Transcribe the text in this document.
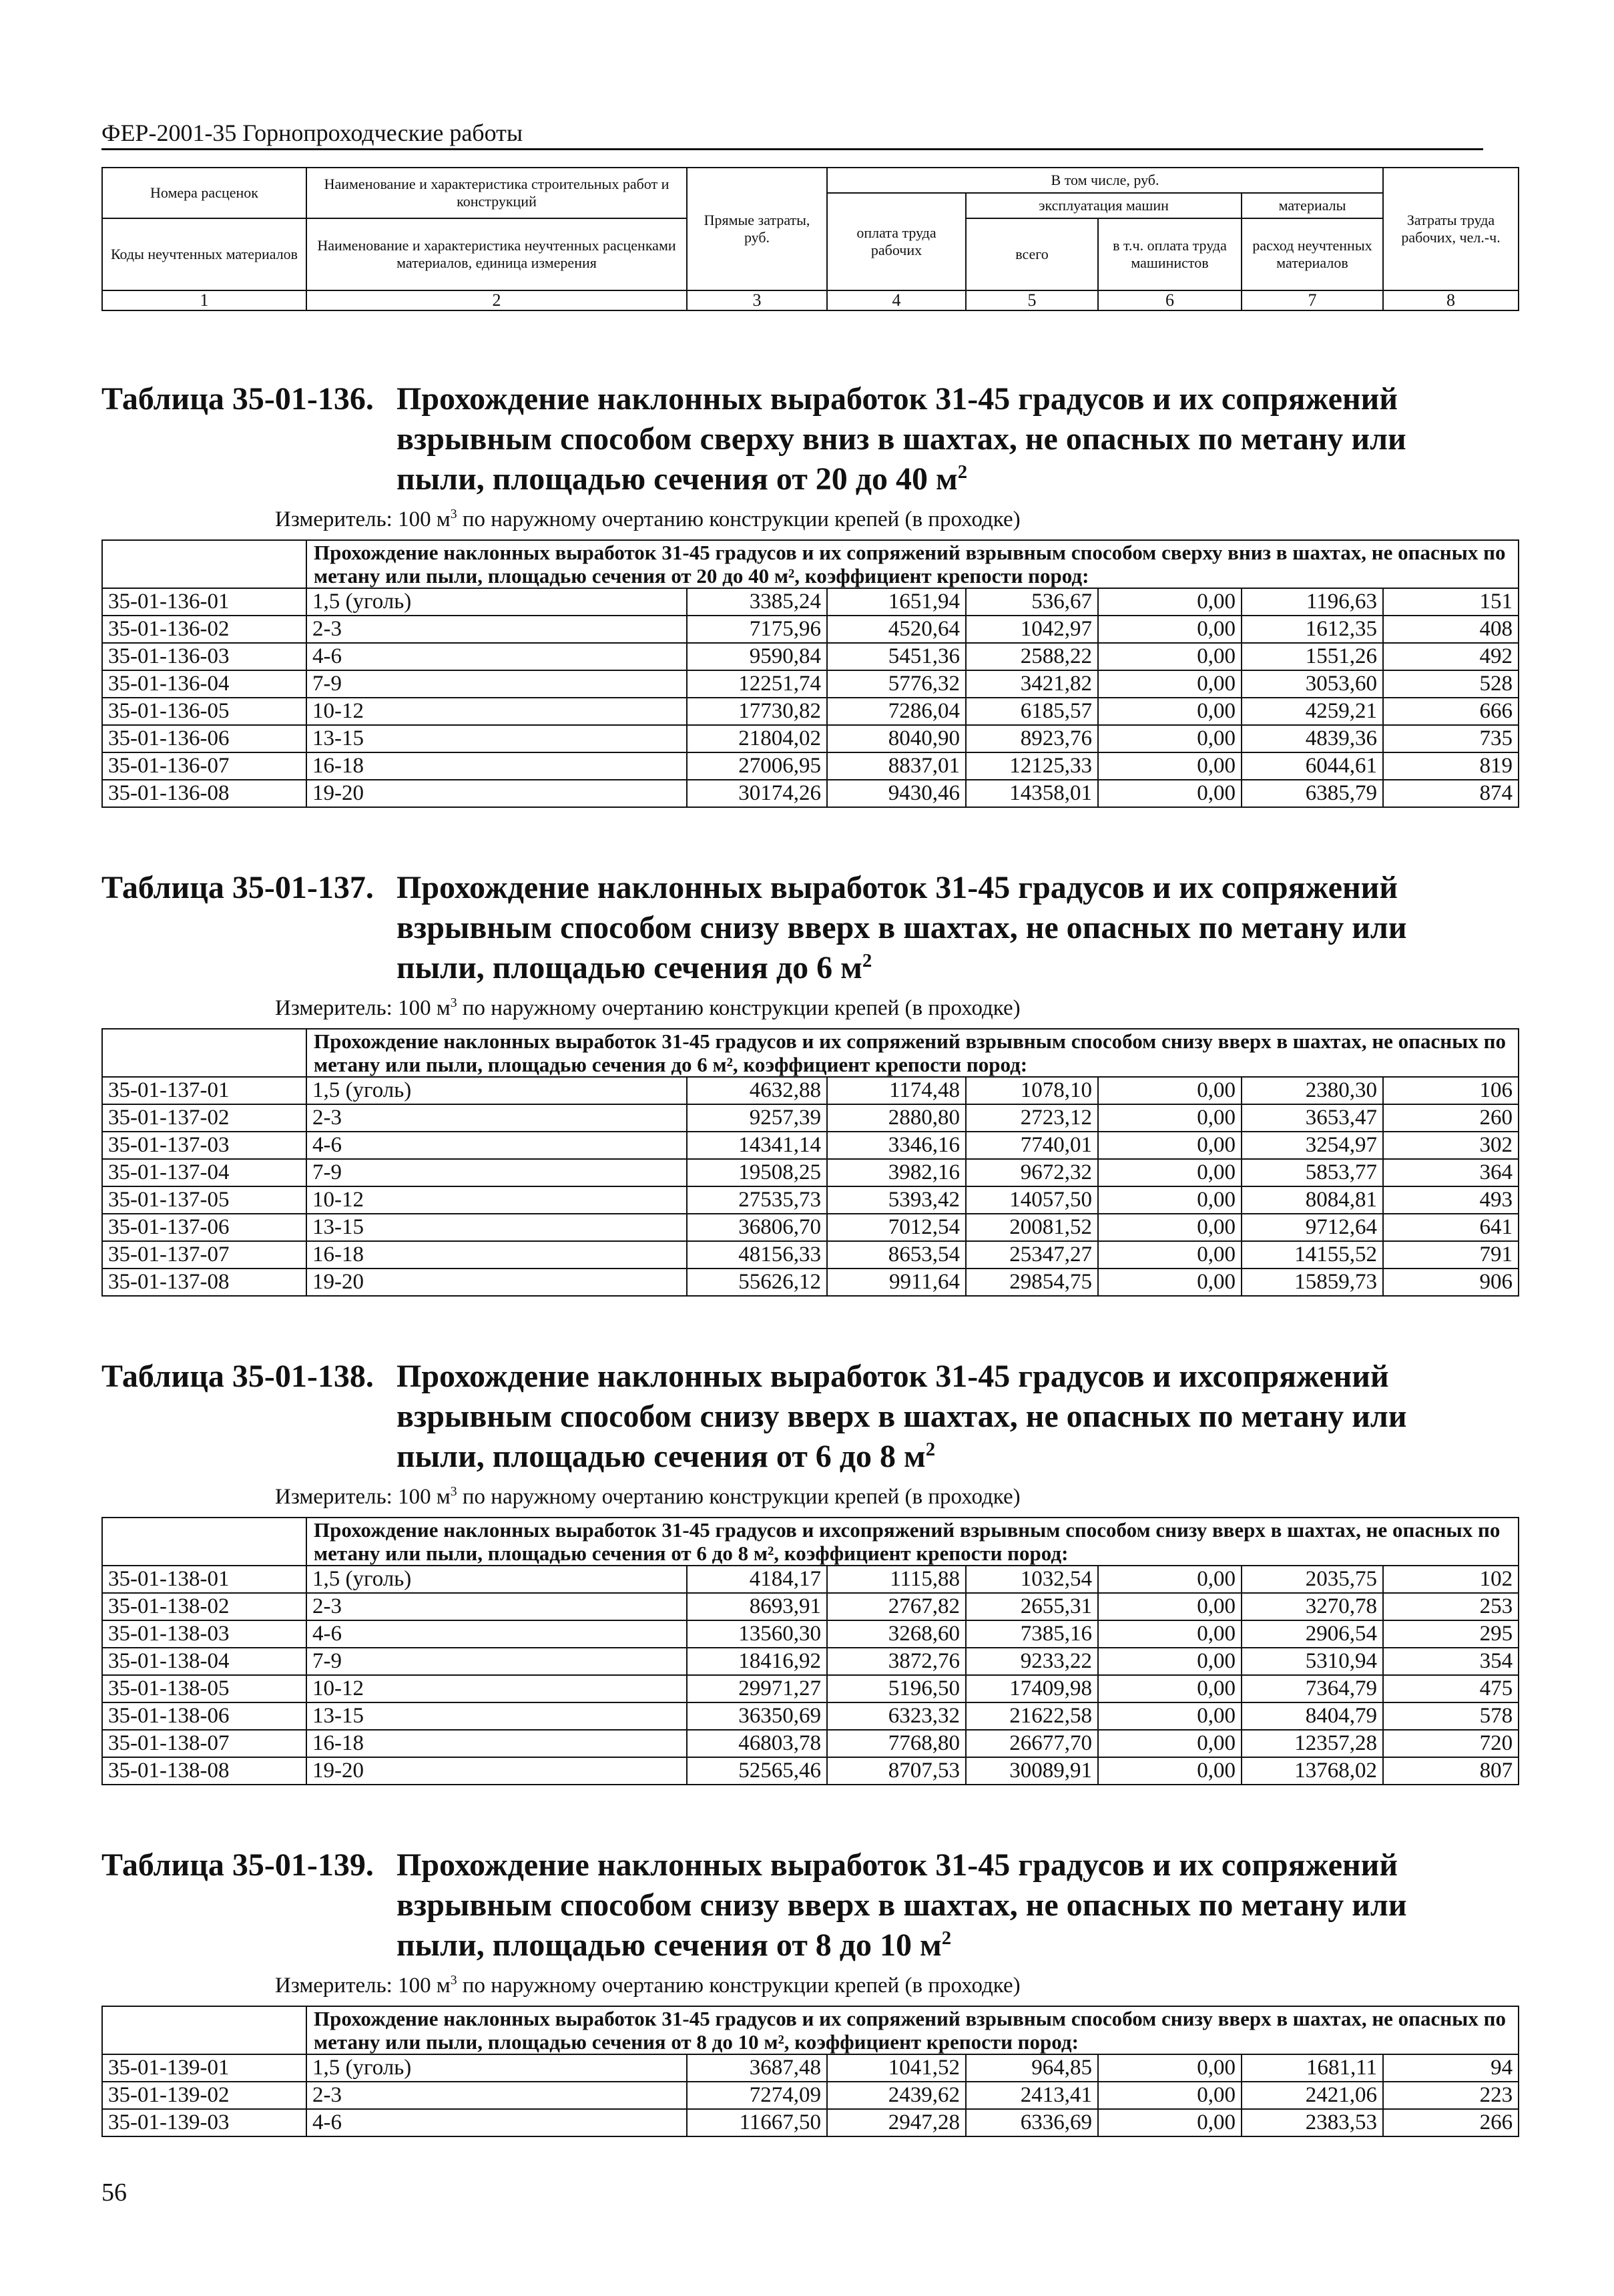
ФЕР-2001-35 Горнопроходческие работы
Номера расценок	Наименование и характеристика строительных работ и конструкций	Прямые затраты, руб.	В том числе, руб.				Затраты труда рабочих, чел.-ч.
			оплата труда рабочих	эксплуатация машин		материалы	
Коды неучтенных материалов	Наименование и характеристика неучтенных расценками материалов, единица измерения			всего	в т.ч. оплата труда машинистов	расход неучтенных материалов	

1	2	3	4	5	6	7	8
Таблица 35-01-136. Прохождение наклонных выработок 31-45 градусов и их сопряжений взрывным способом сверху вниз в шахтах, не опасных по метану или пыли, площадью сечения от 20 до 40 $м^2$
Измеритель: 100 $м^3$ по наружному очертанию конструкции крепей (в проходке)
	Прохождение наклонных выработок 31-45 градусов и их сопряжений взрывным способом сверху вниз в шахтах, не опасных по метану или пыли, площадью сечения от 20 до 40 м², коэффициент крепости пород:						
35-01-136-01	1,5 (уголь)	3385,24	1651,94	536,67	0,00	1196,63	151
35-01-136-02	2-3	7175,96	4520,64	1042,97	0,00	1612,35	408
35-01-136-03	4-6	9590,84	5451,36	2588,22	0,00	1551,26	492
35-01-136-04	7-9	12251,74	5776,32	3421,82	0,00	3053,60	528
35-01-136-05	10-12	17730,82	7286,04	6185,57	0,00	4259,21	666
35-01-136-06	13-15	21804,02	8040,90	8923,76	0,00	4839,36	735
35-01-136-07	16-18	27006,95	8837,01	12125,33	0,00	6044,61	819
35-01-136-08	19-20	30174,26	9430,46	14358,01	0,00	6385,79	874
Таблица 35-01-137. Прохождение наклонных выработок 31-45 градусов и их сопряжений взрывным способом снизу вверх в шахтах, не опасных по метану или пыли, площадью сечения до 6 $м^2$
Измеритель: 100 $м^3$ по наружному очертанию конструкции крепей (в проходке)
	Прохождение наклонных выработок 31-45 градусов и их сопряжений взрывным способом снизу вверх в шахтах, не опасных по метану или пыли, площадью сечения до 6 м², коэффициент крепости пород:						
35-01-137-01	1,5 (уголь)	4632,88	1174,48	1078,10	0,00	2380,30	106
35-01-137-02	2-3	9257,39	2880,80	2723,12	0,00	3653,47	260
35-01-137-03	4-6	14341,14	3346,16	7740,01	0,00	3254,97	302
35-01-137-04	7-9	19508,25	3982,16	9672,32	0,00	5853,77	364
35-01-137-05	10-12	27535,73	5393,42	14057,50	0,00	8084,81	493
35-01-137-06	13-15	36806,70	7012,54	20081,52	0,00	9712,64	641
35-01-137-07	16-18	48156,33	8653,54	25347,27	0,00	14155,52	791
35-01-137-08	19-20	55626,12	9911,64	29854,75	0,00	15859,73	906
Таблица 35-01-138. Прохождение наклонных выработок 31-45 градусов и ихсопряжений взрывным способом снизу вверх в шахтах, не опасных по метану или пыли, площадью сечения от 6 до 8 $м^2$
Измеритель: 100 $м^3$ по наружному очертанию конструкции крепей (в проходке)
	Прохождение наклонных выработок 31-45 градусов и ихсопряжений взрывным способом снизу вверх в шахтах, не опасных по метану или пыли, площадью сечения от 6 до 8 м², коэффициент крепости пород:						
35-01-138-01	1,5 (уголь)	4184,17	1115,88	1032,54	0,00	2035,75	102
35-01-138-02	2-3	8693,91	2767,82	2655,31	0,00	3270,78	253
35-01-138-03	4-6	13560,30	3268,60	7385,16	0,00	2906,54	295
35-01-138-04	7-9	18416,92	3872,76	9233,22	0,00	5310,94	354
35-01-138-05	10-12	29971,27	5196,50	17409,98	0,00	7364,79	475
35-01-138-06	13-15	36350,69	6323,32	21622,58	0,00	8404,79	578
35-01-138-07	16-18	46803,78	7768,80	26677,70	0,00	12357,28	720
35-01-138-08	19-20	52565,46	8707,53	30089,91	0,00	13768,02	807
Таблица 35-01-139. Прохождение наклонных выработок 31-45 градусов и их сопряжений взрывным способом снизу вверх в шахтах, не опасных по метану или пыли, площадью сечения от 8 до 10 $м^2$
Измеритель: 100 $м^3$ по наружному очертанию конструкции крепей (в проходке)
	Прохождение наклонных выработок 31-45 градусов и их сопряжений взрывным способом снизу вверх в шахтах, не опасных по метану или пыли, площадью сечения от 8 до 10 м², коэффициент крепости пород:						
35-01-139-01	1,5 (уголь)	3687,48	1041,52	964,85	0,00	1681,11	94
35-01-139-02	2-3	7274,09	2439,62	2413,41	0,00	2421,06	223
35-01-139-03	4-6	11667,50	2947,28	6336,69	0,00	2383,53	266
56
